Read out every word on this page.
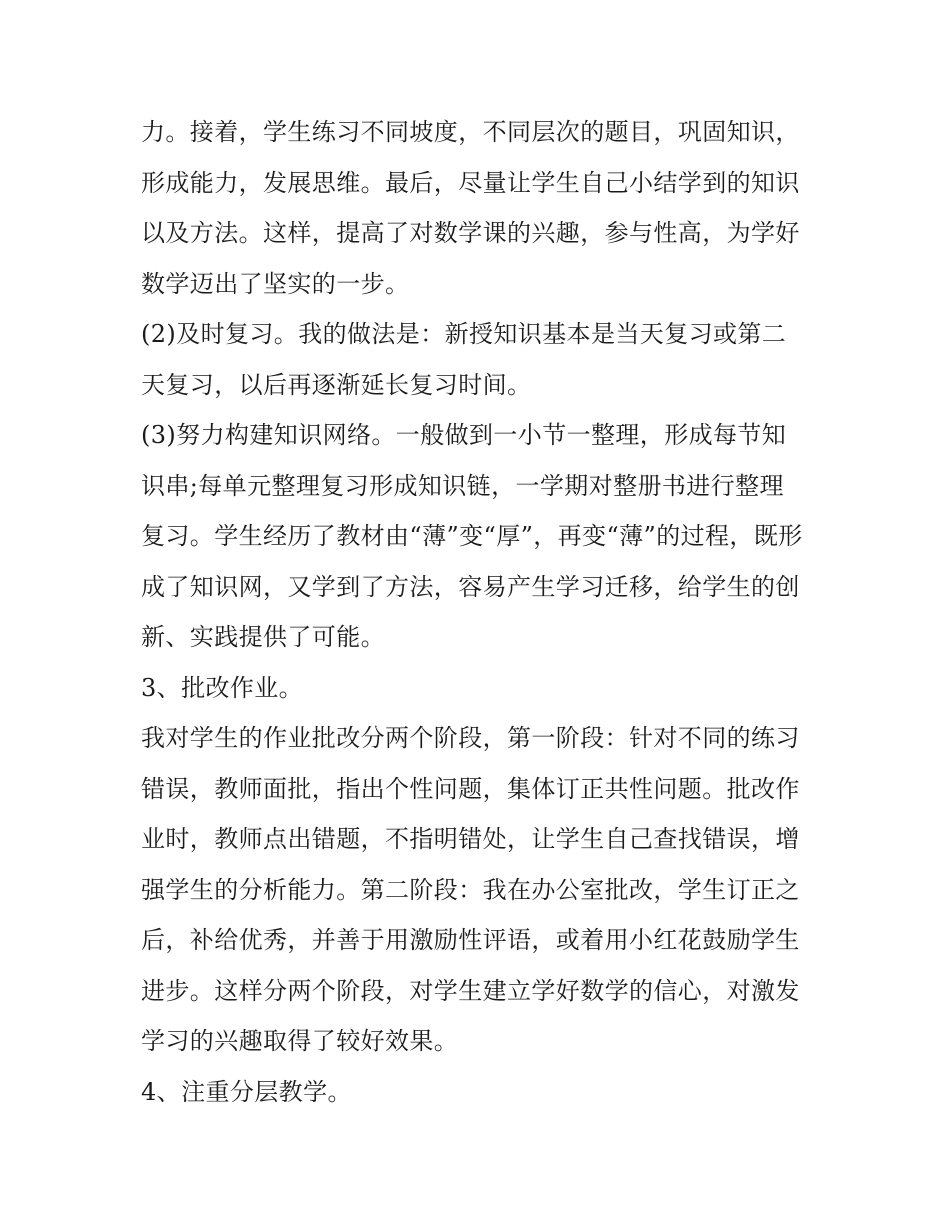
力。接着，学生练习不同坡度，不同层次的题目，巩固知识，
形成能力，发展思维。最后，尽量让学生自己小结学到的知识
以及方法。这样，提高了对数学课的兴趣，参与性高，为学好
数学迈出了坚实的一步。
(2)及时复习。我的做法是：新授知识基本是当天复习或第二
天复习，以后再逐渐延长复习时间。
(3)努力构建知识网络。一般做到一小节一整理，形成每节知
识串;每单元整理复习形成知识链，一学期对整册书进行整理
复习。学生经历了教材由“薄”变“厚”，再变“薄”的过程，既形
成了知识网，又学到了方法，容易产生学习迁移，给学生的创
新、实践提供了可能。
3、批改作业。
我对学生的作业批改分两个阶段，第一阶段：针对不同的练习
错误，教师面批，指出个性问题，集体订正共性问题。批改作
业时，教师点出错题，不指明错处，让学生自己查找错误，增
强学生的分析能力。第二阶段：我在办公室批改，学生订正之
后，补给优秀，并善于用激励性评语，或着用小红花鼓励学生
进步。这样分两个阶段，对学生建立学好数学的信心，对激发
学习的兴趣取得了较好效果。
4、注重分层教学。
